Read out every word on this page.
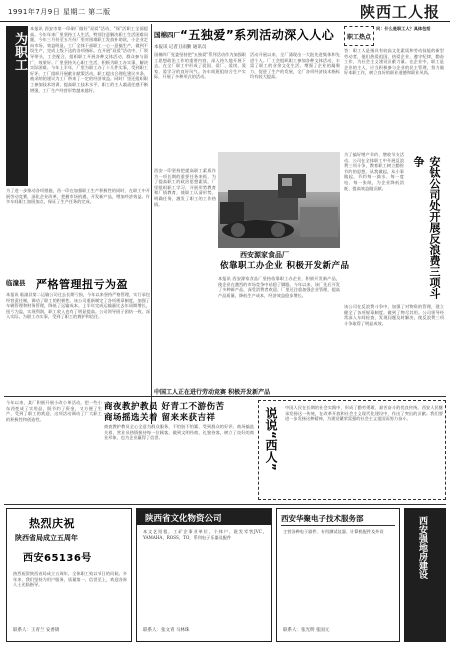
1991年7月9日 星期二 第二版	陕西工人报
为职工
本报讯 西安市第一印刷厂做好"双爱"活动，"保"活职工全面提高。今年年来厂里坚持工人生活，特别注意解决职工生活困难问题，今年三月份至五月份厂里对困难职工发放补助款，小企业走向市场，效益明显。工厂全体干部职工一心一意搞生产，做到不误生产，完成上级下达的各项指标。在开展"双爱"活动中，厂领导带头，工会配合，组织职工开展各种文体活动，群众参与面广，效果好。厂里坚持关心职工生活，积极为职工办实事，解决实际困难。今年上半年，厂里为职工办了十几件实事，受到职工好评。工厂组织开展献计献策活动，职工提出合理化建议多条，被采纳的建议为工厂带来了一定的经济效益。同时厂里还组织职工参加技术培训，提高职工技术水平，职工的主人翁责任感不断增强，工厂生产经营形势越来越好。
为了进一步推动各项措施，西一印在加强职工生产积极性的同时，在职工中开展劳动竞赛，深化企业改革，把握市场机遇，开发新产品，增加经济效益。许多车间职工加班加点，保证了生产任务的完成。
临潼县 严格管理扭亏为盈
本报讯 临潼县第二运输公司过去长期亏损，今年以来坚持严格管理，实行承包经营责任制，调动了职工的积极性。该公司重新制定了各项规章制度，加强了车辆管理和财务管理，降低了运输成本。上半年完成运输量比去年同期增长，扭亏为盈，实现利润，职工收入也有了明显提高。公司领导班子团结一致，深入实际，为职工办实事，受到了职工的拥护和信任。
国棉四厂 “五独爱”系列活动深入人心
本报讯 记者丑雨勤 通讯员
国棉四厂党委坚持把"五独爱"系列活动作为加强职工思想政治工作的重要内容，深入持久地开展下去，在全厂职工中形成了爱国、爱厂、爱岗、爱家、爱学习的良好风气。各车间班组结合生产实际，开展了多种形式的活动。
活动开展以来，全厂涌现出一大批先进集体和先进个人。厂工会组织职工参加各种文体活动，丰富了职工的业余文化生活，增强了企业的凝聚力，促进了生产的发展，全厂各项经济技术指标均有较大提高。
职工热点
问：什么是职工人？具体包括
答：职工人是指具有较高文化素质和劳动技能的新型劳动者，他们热爱祖国，热爱企业，遵守纪律，勤奋工作，为社会主义建设贡献力量。在企业中，职工是企业的主人，应当积极参与企业的民主管理，努力做好本职工作，树立良好的职业道德和职业风尚。
西安源家食品厂
依靠职工办企业 积极开发新产品
西安一印坚持把提高职工素质作为一项长期的重要任务来抓，为了提高职工的政治思想素质，厂里组织职工学习，开展形势教育和厂情教育，使职工认清形势，明确任务，激发了职工的工作热情。
本报讯 西安源家食品厂坚持依靠职工办企业，积极开发新产品，使企业在激烈的市场竞争中站稳了脚跟。今年以来，该厂先后开发了多种新产品，深受消费者欢迎。厂里还注重加强企业管理，提高产品质量，降低生产成本，经济效益稳步增长。
为了搞好增产节约、增收节支活动，公司在全体职工中开展反浪费三项斗争，教育职工树立勤俭节约的思想，从我做起，从小事做起，节约每一滴水、每一度电、每一张纸，为企业降低消耗、提高效益做贡献。	安钛公司处开展反浪费三项斗争
该公司在反浪费斗争中，加强了对物资的管理，建立健全了各项规章制度，做到了物尽其用。公司领导经常深入车间检查，发现问题及时解决，使反浪费三项斗争取得了明显成效。
中国工人正在进行劳动竞赛 积极开发新产品
今年以来，某厂积极开展小改小革活动，把一些小东西变成了实用品，既节约了资金，又方便了生产，受到了职工的欢迎。这项活动调动了广大职工的积极性和创造性。
商夜教护教员 好青工不游伤苦
商场摇选关着 留来来获吉祥
商夜教护教员全心全意为群众服务，不怕脏不怕累，受到群众的好评。商场搞选关着，营业员热情接待每一位顾客，做到文明经商、礼貌待客，树立了良好的商业形象，也为企业赢得了信誉。	说说“西人”	中国人民在长期的社会实践中，形成了勤劳勇敢、艰苦奋斗的优良传统。西安人民继承发扬这一传统，在改革开放和社会主义现代化建设中，作出了突出的贡献。我们要进一步发扬这种精神，为建设繁荣富强的社会主义祖国而努力奋斗。
热烈庆祝
陕西省局成立五周年
西安65136号
热烈祝贺陕西省局成立五周年，全体职工致以节日的问候。多年来，我们坚持为用户服务，质量第一，信誉至上，欢迎各界人士光临指导。
联系人：王青兰 安香锦
陕西省文化物资公司
本文艺招租，工矿企事业单位，个体户，批发零售JVC，YAMAHA，ROSS，TO，系列电子乐器及配件
联系人：张文青 马林珠
西安华聚电子技术服务部
主营各种电子器件、专用测试仪器、计算机配件及外设
联系人：张光明 张国元
西安强地房建设
